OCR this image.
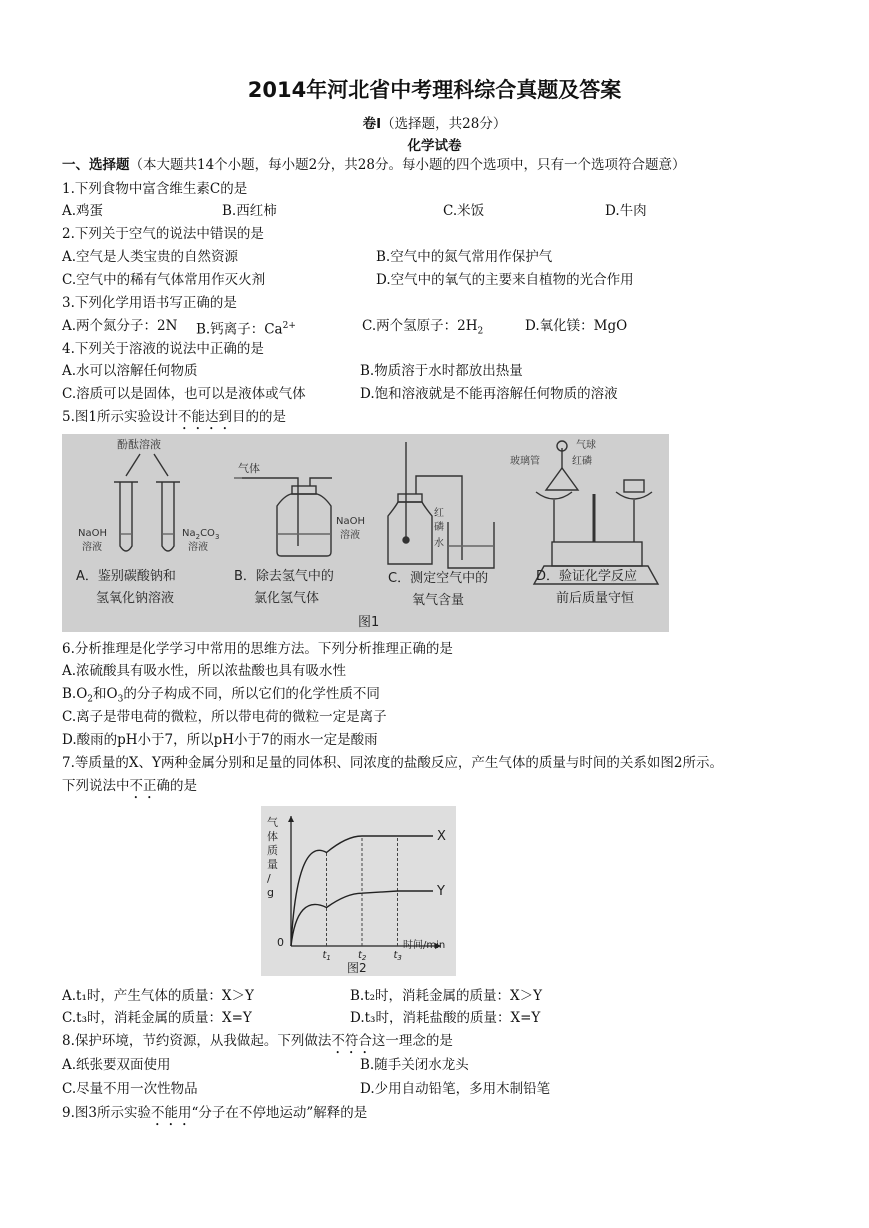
2014年河北省中考理科综合真题及答案
卷Ⅰ（选择题，共28分）
化学试卷
一、选择题（本大题共14个小题，每小题2分，共28分。每小题的四个选项中，只有一个选项符合题意）
1.下列食物中富含维生素C的是
A.鸡蛋	B.西红柿	C.米饭	D.牛肉
2.下列关于空气的说法中错误的是
A.空气是人类宝贵的自然资源	B.空气中的氮气常用作保护气
C.空气中的稀有气体常用作灭火剂	D.空气中的氧气的主要来自植物的光合作用
3.下列化学用语书写正确的是
A.两个氮分子：2N B.钙离子：$Ca^{2+}$	C.两个氢原子：$2H_2$	D.氧化镁：MgO
4.下列关于溶液的说法中正确的是
A.水可以溶解任何物质	B.物质溶于水时都放出热量
C.溶质可以是固体，也可以是液体或气体	D.饱和溶液就是不能再溶解任何物质的溶液
5.图1所示实验设计不能达到目的的是
酚酞溶液
NaOH
溶液
$Na_2CO_3$
溶液
气体
NaOH
溶液
红
磷
水
气球
玻璃管	红磷
A．鉴别碳酸钠和
氢氧化钠溶液
B．除去氢气中的
氯化氢气体
C．测定空气中的
氧气含量
D．验证化学反应
前后质量守恒
图1
6.分析推理是化学学习中常用的思维方法。下列分析推理正确的是
A.浓硫酸具有吸水性，所以浓盐酸也具有吸水性
$B.O_2$和$O_3$的分子构成不同，所以它们的化学性质不同
C.离子是带电荷的微粒，所以带电荷的微粒一定是离子
D.酸雨的pH小于7，所以pH小于7的雨水一定是酸雨
7.等质量的X、Y两种金属分别和足量的同体积、同浓度的盐酸反应，产生气体的质量与时间的关系如图2所示。
下列说法中不正确的是
气
体
质
量
/
g
时间/min
0
$t_1$	$t_2$	$t_3$
X
Y
图2
A.t₁时，产生气体的质量：X＞Y	B.t₂时，消耗金属的质量：X＞Y
C.t₃时，消耗金属的质量：X=Y	D.t₃时，消耗盐酸的质量：X=Y
8.保护环境，节约资源，从我做起。下列做法不符合这一理念的是
A.纸张要双面使用	B.随手关闭水龙头
C.尽量不用一次性物品	D.少用自动铅笔，多用木制铅笔
9.图3所示实验不能用“分子在不停地运动”解释的是
